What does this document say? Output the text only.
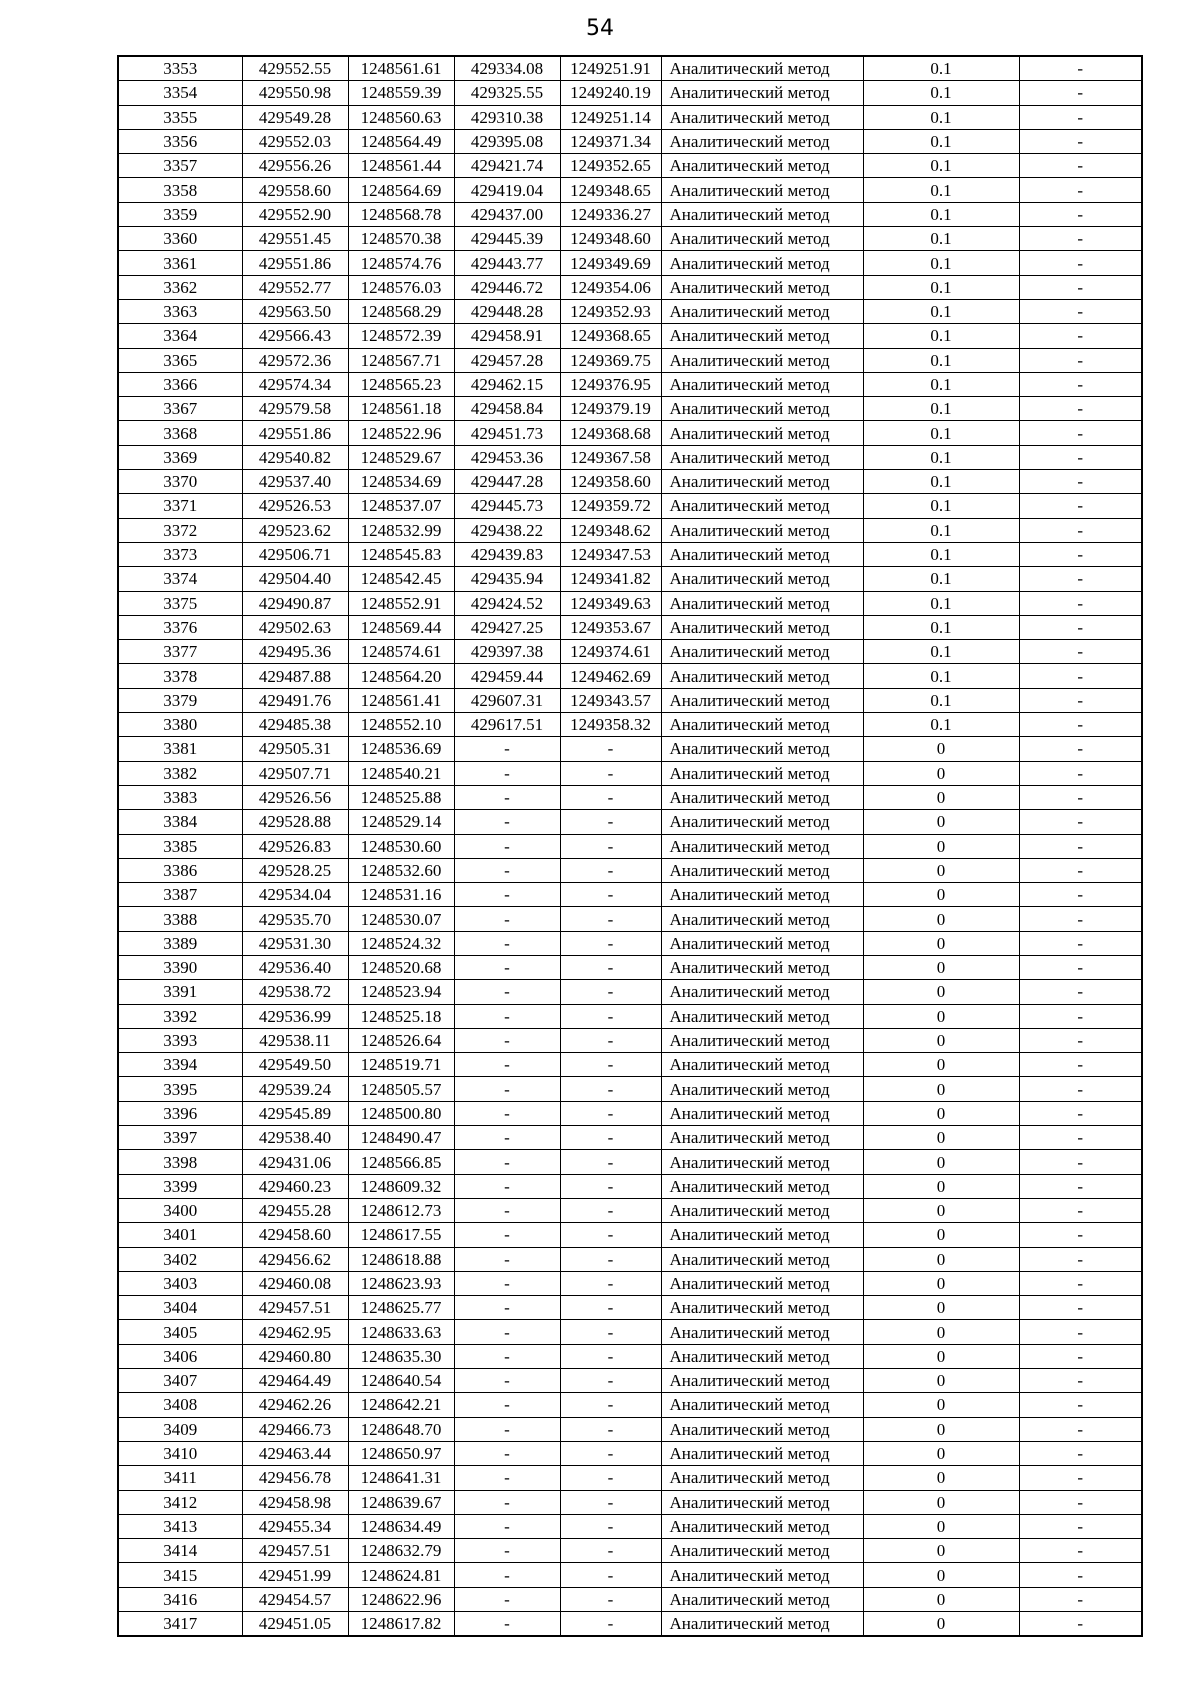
54
3353	429552.55	1248561.61	429334.08	1249251.91	Аналитический метод	0.1	-
3354	429550.98	1248559.39	429325.55	1249240.19	Аналитический метод	0.1	-
3355	429549.28	1248560.63	429310.38	1249251.14	Аналитический метод	0.1	-
3356	429552.03	1248564.49	429395.08	1249371.34	Аналитический метод	0.1	-
3357	429556.26	1248561.44	429421.74	1249352.65	Аналитический метод	0.1	-
3358	429558.60	1248564.69	429419.04	1249348.65	Аналитический метод	0.1	-
3359	429552.90	1248568.78	429437.00	1249336.27	Аналитический метод	0.1	-
3360	429551.45	1248570.38	429445.39	1249348.60	Аналитический метод	0.1	-
3361	429551.86	1248574.76	429443.77	1249349.69	Аналитический метод	0.1	-
3362	429552.77	1248576.03	429446.72	1249354.06	Аналитический метод	0.1	-
3363	429563.50	1248568.29	429448.28	1249352.93	Аналитический метод	0.1	-
3364	429566.43	1248572.39	429458.91	1249368.65	Аналитический метод	0.1	-
3365	429572.36	1248567.71	429457.28	1249369.75	Аналитический метод	0.1	-
3366	429574.34	1248565.23	429462.15	1249376.95	Аналитический метод	0.1	-
3367	429579.58	1248561.18	429458.84	1249379.19	Аналитический метод	0.1	-
3368	429551.86	1248522.96	429451.73	1249368.68	Аналитический метод	0.1	-
3369	429540.82	1248529.67	429453.36	1249367.58	Аналитический метод	0.1	-
3370	429537.40	1248534.69	429447.28	1249358.60	Аналитический метод	0.1	-
3371	429526.53	1248537.07	429445.73	1249359.72	Аналитический метод	0.1	-
3372	429523.62	1248532.99	429438.22	1249348.62	Аналитический метод	0.1	-
3373	429506.71	1248545.83	429439.83	1249347.53	Аналитический метод	0.1	-
3374	429504.40	1248542.45	429435.94	1249341.82	Аналитический метод	0.1	-
3375	429490.87	1248552.91	429424.52	1249349.63	Аналитический метод	0.1	-
3376	429502.63	1248569.44	429427.25	1249353.67	Аналитический метод	0.1	-
3377	429495.36	1248574.61	429397.38	1249374.61	Аналитический метод	0.1	-
3378	429487.88	1248564.20	429459.44	1249462.69	Аналитический метод	0.1	-
3379	429491.76	1248561.41	429607.31	1249343.57	Аналитический метод	0.1	-
3380	429485.38	1248552.10	429617.51	1249358.32	Аналитический метод	0.1	-
3381	429505.31	1248536.69	-	-	Аналитический метод	0	-
3382	429507.71	1248540.21	-	-	Аналитический метод	0	-
3383	429526.56	1248525.88	-	-	Аналитический метод	0	-
3384	429528.88	1248529.14	-	-	Аналитический метод	0	-
3385	429526.83	1248530.60	-	-	Аналитический метод	0	-
3386	429528.25	1248532.60	-	-	Аналитический метод	0	-
3387	429534.04	1248531.16	-	-	Аналитический метод	0	-
3388	429535.70	1248530.07	-	-	Аналитический метод	0	-
3389	429531.30	1248524.32	-	-	Аналитический метод	0	-
3390	429536.40	1248520.68	-	-	Аналитический метод	0	-
3391	429538.72	1248523.94	-	-	Аналитический метод	0	-
3392	429536.99	1248525.18	-	-	Аналитический метод	0	-
3393	429538.11	1248526.64	-	-	Аналитический метод	0	-
3394	429549.50	1248519.71	-	-	Аналитический метод	0	-
3395	429539.24	1248505.57	-	-	Аналитический метод	0	-
3396	429545.89	1248500.80	-	-	Аналитический метод	0	-
3397	429538.40	1248490.47	-	-	Аналитический метод	0	-
3398	429431.06	1248566.85	-	-	Аналитический метод	0	-
3399	429460.23	1248609.32	-	-	Аналитический метод	0	-
3400	429455.28	1248612.73	-	-	Аналитический метод	0	-
3401	429458.60	1248617.55	-	-	Аналитический метод	0	-
3402	429456.62	1248618.88	-	-	Аналитический метод	0	-
3403	429460.08	1248623.93	-	-	Аналитический метод	0	-
3404	429457.51	1248625.77	-	-	Аналитический метод	0	-
3405	429462.95	1248633.63	-	-	Аналитический метод	0	-
3406	429460.80	1248635.30	-	-	Аналитический метод	0	-
3407	429464.49	1248640.54	-	-	Аналитический метод	0	-
3408	429462.26	1248642.21	-	-	Аналитический метод	0	-
3409	429466.73	1248648.70	-	-	Аналитический метод	0	-
3410	429463.44	1248650.97	-	-	Аналитический метод	0	-
3411	429456.78	1248641.31	-	-	Аналитический метод	0	-
3412	429458.98	1248639.67	-	-	Аналитический метод	0	-
3413	429455.34	1248634.49	-	-	Аналитический метод	0	-
3414	429457.51	1248632.79	-	-	Аналитический метод	0	-
3415	429451.99	1248624.81	-	-	Аналитический метод	0	-
3416	429454.57	1248622.96	-	-	Аналитический метод	0	-
3417	429451.05	1248617.82	-	-	Аналитический метод	0	-
